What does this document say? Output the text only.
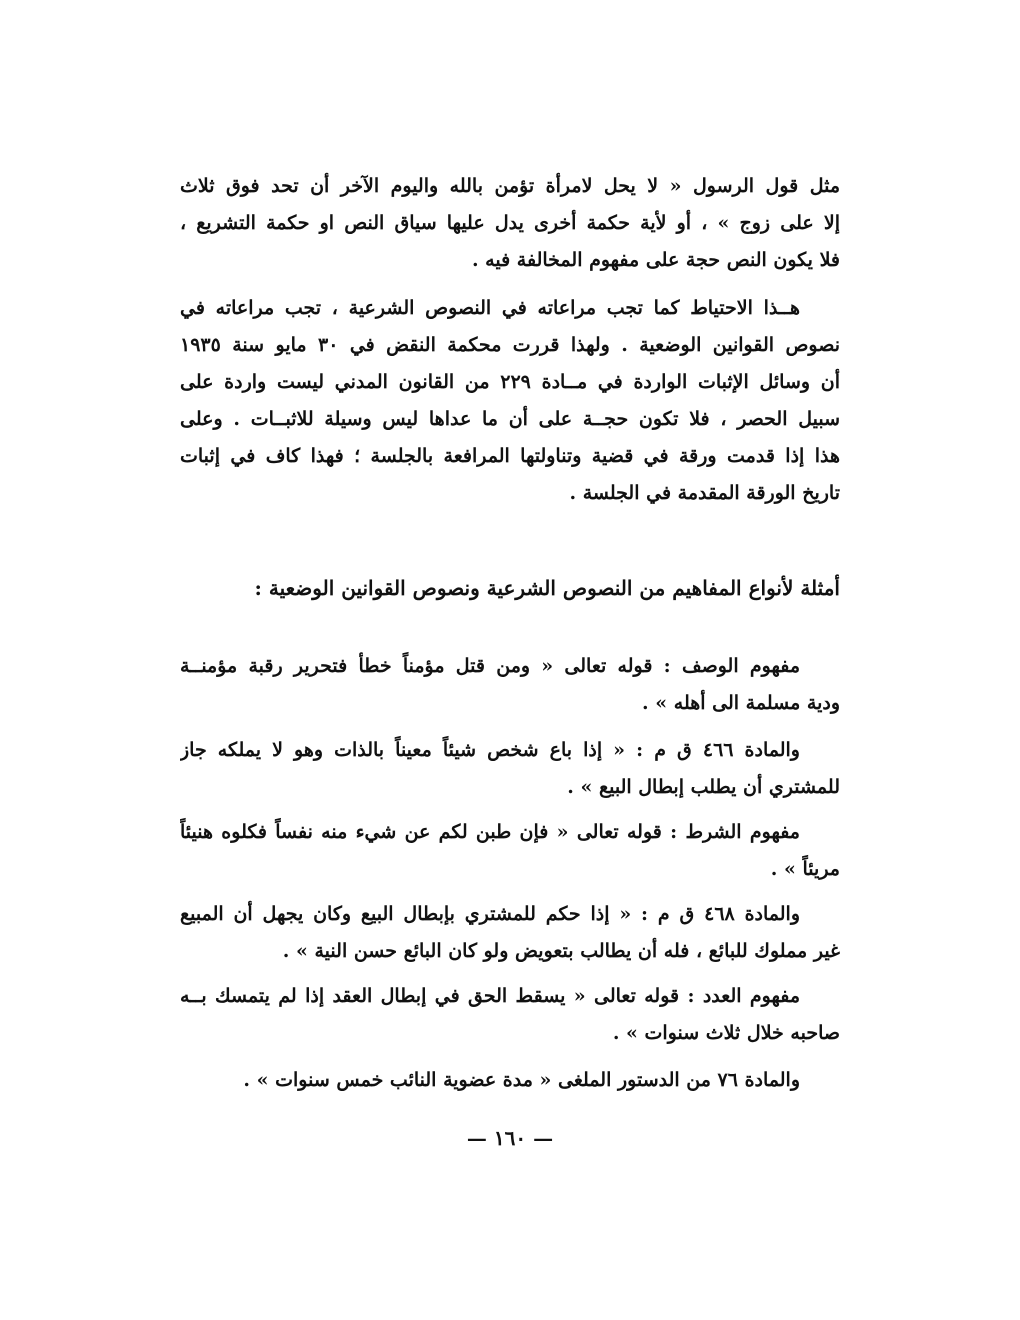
مثل قول الرسول « لا يحل لامرأة تؤمن بالله واليوم الآخر أن تحد فوق ثلاث
إلا على زوج » ، أو لأية حكمة أخرى يدل عليها سياق النص او حكمة التشريع ،
فلا يكون النص حجة على مفهوم المخالفة فيه .
هــذا الاحتياط كما تجب مراعاته في النصوص الشرعية ، تجب مراعاته في
نصوص القوانين الوضعية . ولهذا قررت محكمة النقض في ٣٠ مايو سنة ١٩٣٥
أن وسائل الإثبات الواردة في مــادة ٢٢٩ من القانون المدني ليست واردة على
سبيل الحصر ، فلا تكون حجــة على أن ما عداها ليس وسيلة للاثبــات . وعلى
هذا إذا قدمت ورقة في قضية وتناولتها المرافعة بالجلسة ؛ فهذا كاف في إثبات
تاريخ الورقة المقدمة في الجلسة .
أمثلة لأنواع المفاهيم من النصوص الشرعية ونصوص القوانين الوضعية :
مفهوم الوصف : قوله تعالى « ومن قتل مؤمناً خطأ فتحرير رقبة مؤمنــة
ودية مسلمة الى أهله » .
والمادة ٤٦٦ ق م : « إذا باع شخص شيئاً معيناً بالذات وهو لا يملكه جاز
للمشتري أن يطلب إبطال البيع » .
مفهوم الشرط : قوله تعالى « فإن طبن لكم عن شيء منه نفساً فكلوه هنيئاً
مريئاً » .
والمادة ٤٦٨ ق م : « إذا حكم للمشتري بإبطال البيع وكان يجهل أن المبيع
غير مملوك للبائع ، فله أن يطالب بتعويض ولو كان البائع حسن النية » .
مفهوم العدد : قوله تعالى « يسقط الحق في إبطال العقد إذا لم يتمسك بــه
صاحبه خلال ثلاث سنوات » .
والمادة ٧٦ من الدستور الملغى « مدة عضوية النائب خمس سنوات » .
— ١٦٠ —
